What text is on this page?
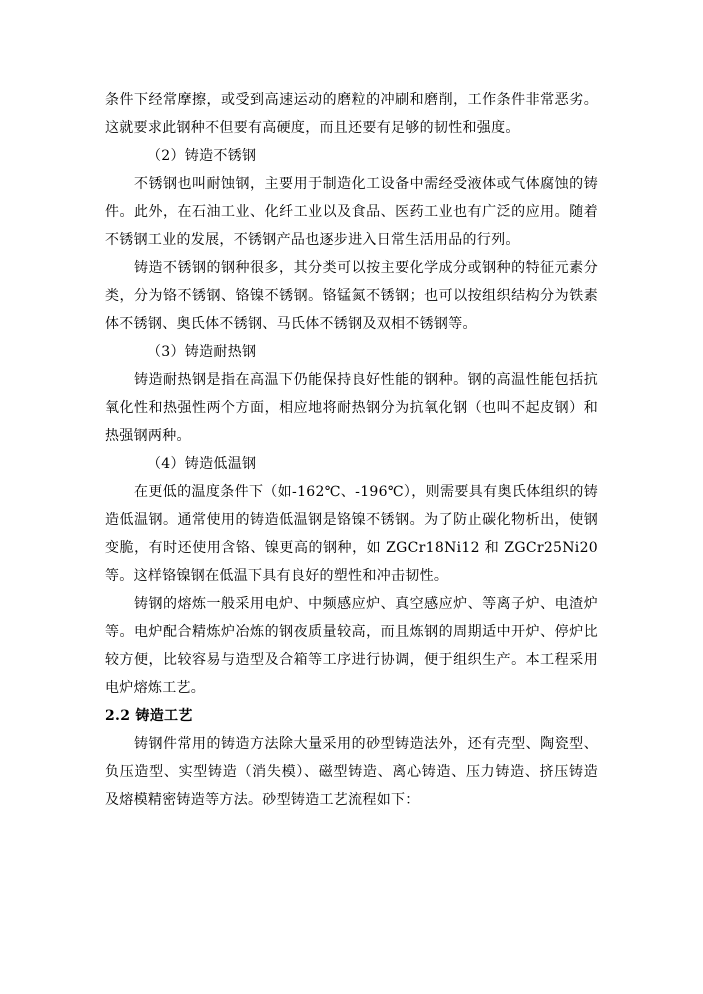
条件下经常摩擦，或受到高速运动的磨粒的冲刷和磨削，工作条件非常恶劣。这就要求此钢种不但要有高硬度，而且还要有足够的韧性和强度。

（2）铸造不锈钢

不锈钢也叫耐蚀钢，主要用于制造化工设备中需经受液体或气体腐蚀的铸件。此外，在石油工业、化纤工业以及食品、医药工业也有广泛的应用。随着不锈钢工业的发展，不锈钢产品也逐步进入日常生活用品的行列。

铸造不锈钢的钢种很多，其分类可以按主要化学成分或钢种的特征元素分类，分为铬不锈钢、铬镍不锈钢。铬锰氮不锈钢；也可以按组织结构分为铁素体不锈钢、奥氏体不锈钢、马氏体不锈钢及双相不锈钢等。

（3）铸造耐热钢

铸造耐热钢是指在高温下仍能保持良好性能的钢种。钢的高温性能包括抗氧化性和热强性两个方面，相应地将耐热钢分为抗氧化钢（也叫不起皮钢）和热强钢两种。

（4）铸造低温钢

在更低的温度条件下（如-162℃、-196℃），则需要具有奥氏体组织的铸造低温钢。通常使用的铸造低温钢是铬镍不锈钢。为了防止碳化物析出，使钢变脆，有时还使用含铬、镍更高的钢种，如 ZGCr18Ni12 和 ZGCr25Ni20 等。这样铬镍钢在低温下具有良好的塑性和冲击韧性。

铸钢的熔炼一般采用电炉、中频感应炉、真空感应炉、等离子炉、电渣炉等。电炉配合精炼炉冶炼的钢夜质量较高，而且炼钢的周期适中开炉、停炉比较方便，比较容易与造型及合箱等工序进行协调，便于组织生产。本工程采用电炉熔炼工艺。

2.2 铸造工艺

铸钢件常用的铸造方法除大量采用的砂型铸造法外，还有壳型、陶瓷型、负压造型、实型铸造（消失模）、磁型铸造、离心铸造、压力铸造、挤压铸造及熔模精密铸造等方法。砂型铸造工艺流程如下：
